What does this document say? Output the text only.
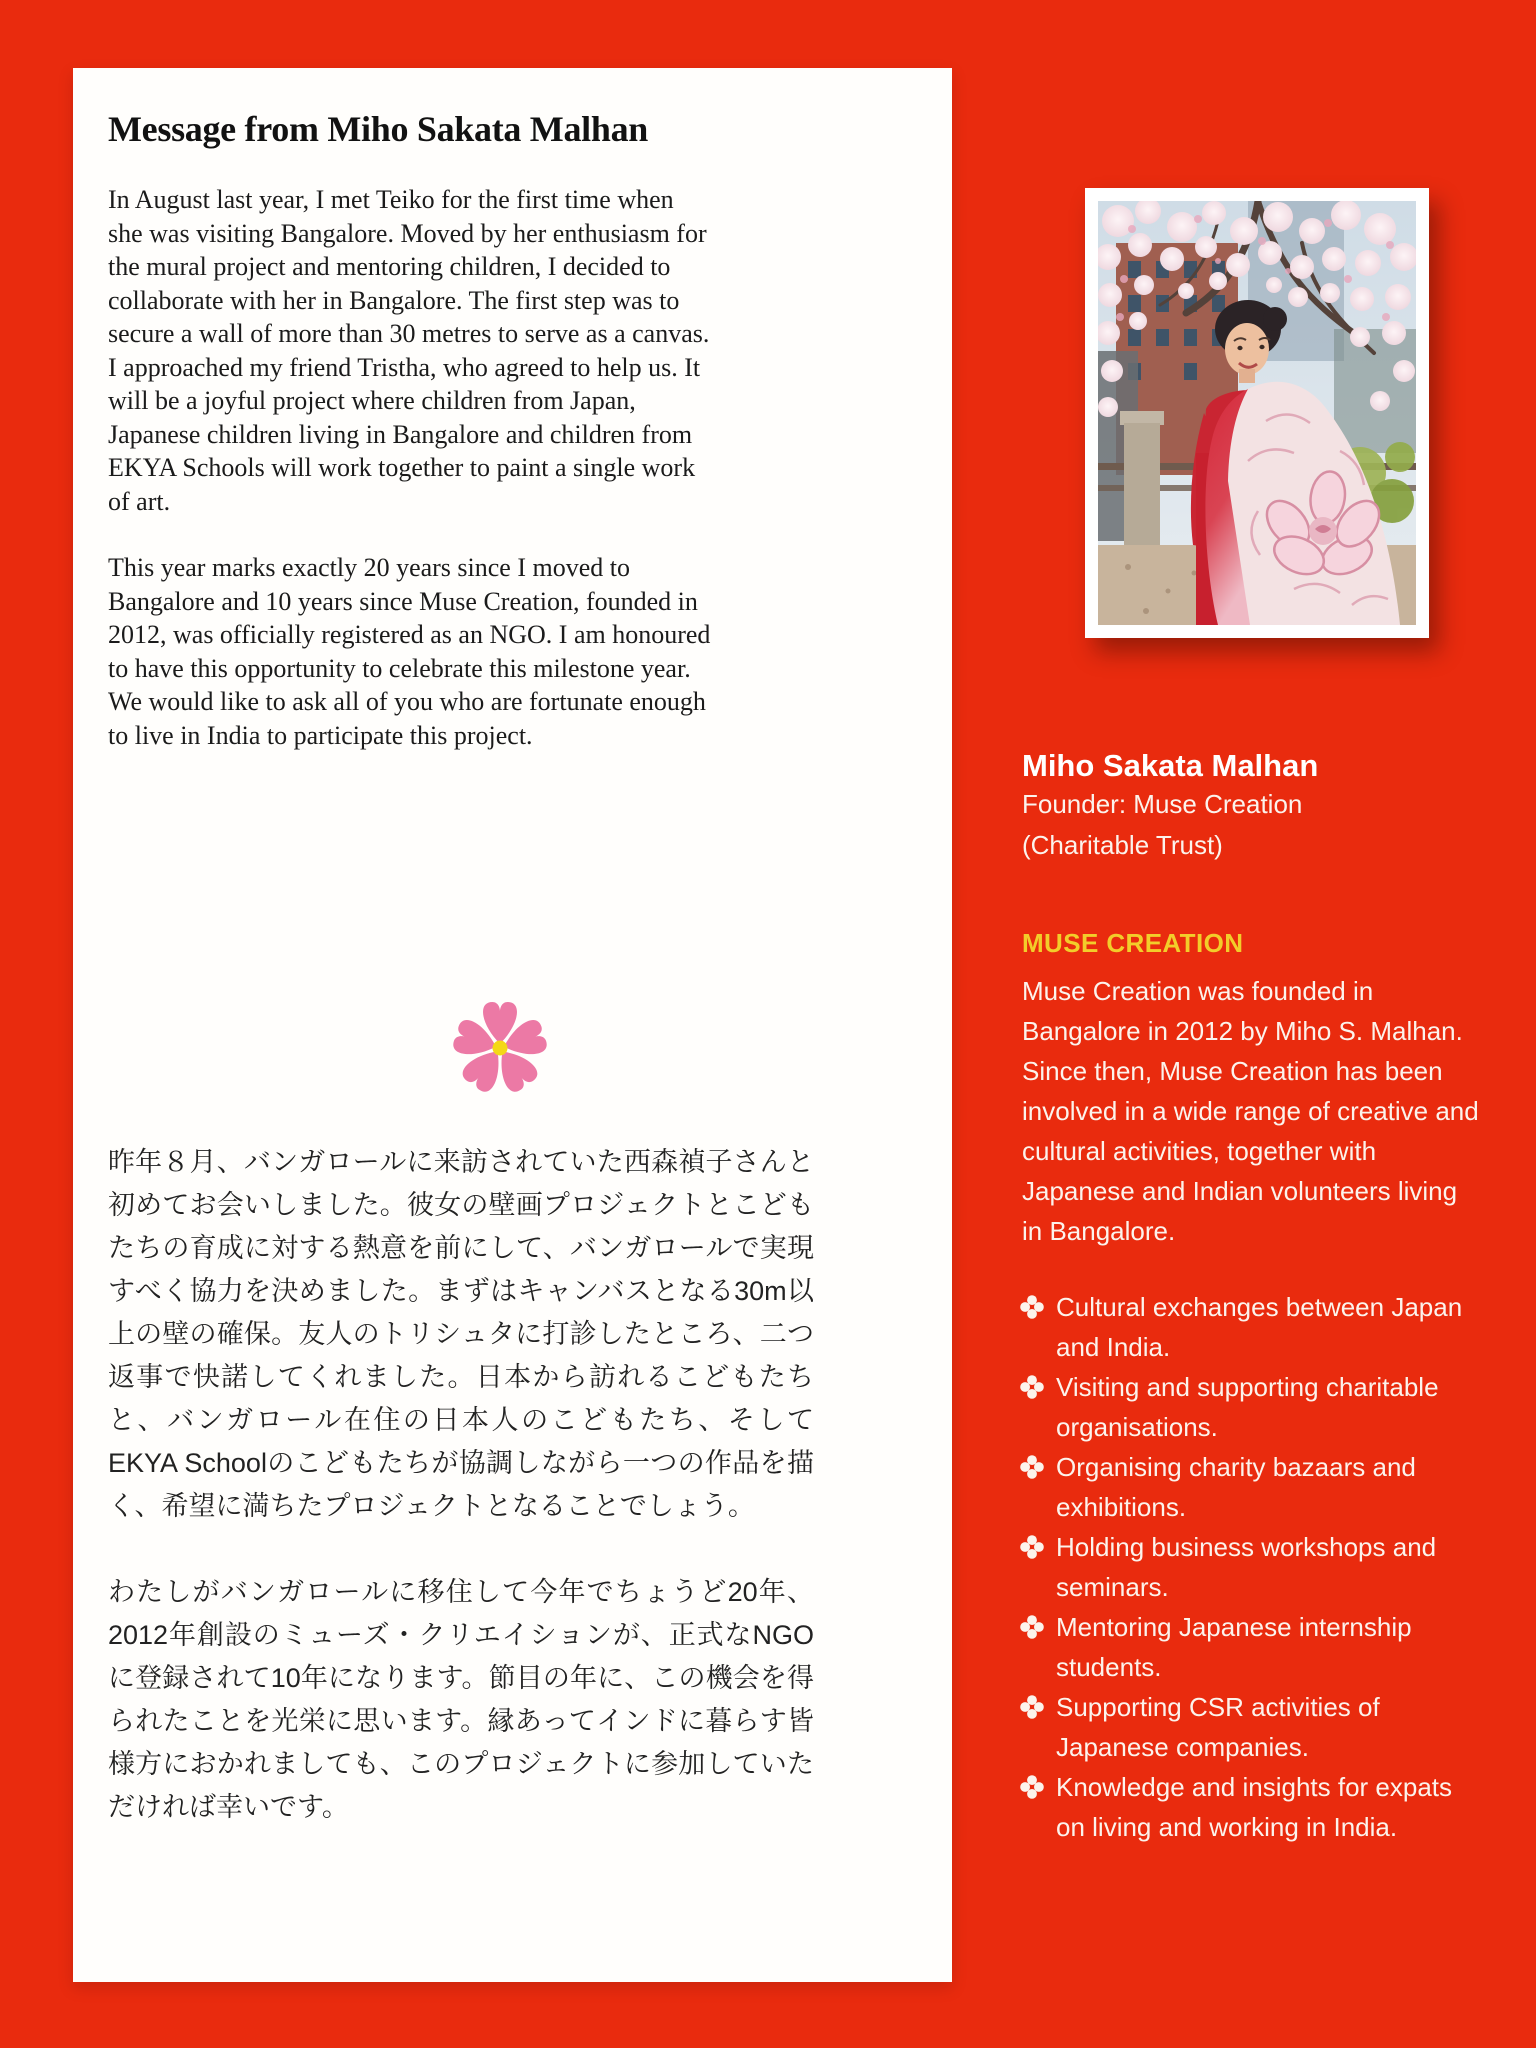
Message from Miho Sakata Malhan

In August last year, I met Teiko for the first time when she was visiting Bangalore. Moved by her enthusiasm for the mural project and mentoring children, I decided to collaborate with her in Bangalore. The first step was to secure a wall of more than 30 metres to serve as a canvas. I approached my friend Tristha, who agreed to help us. It will be a joyful project where children from Japan, Japanese children living in Bangalore and children from EKYA Schools will work together to paint a single work of art.

This year marks exactly 20 years since I moved to Bangalore and 10 years since Muse Creation, founded in 2012, was officially registered as an NGO. I am honoured to have this opportunity to celebrate this milestone year. We would like to ask all of you who are fortunate enough to live in India to participate this project.

昨年８月、バンガロールに来訪されていた西森禎子さんと初めてお会いしました。彼女の壁画プロジェクトとこどもたちの育成に対する熱意を前にして、バンガロールで実現すべく協力を決めました。まずはキャンバスとなる30m以上の壁の確保。友人のトリシュタに打診したところ、二つ返事で快諾してくれました。日本から訪れるこどもたちと、バンガロール在住の日本人のこどもたち、そしてEKYA Schoolのこどもたちが協調しながら一つの作品を描く、希望に満ちたプロジェクトとなることでしょう。

わたしがバンガロールに移住して今年でちょうど20年、2012年創設のミューズ・クリエイションが、正式なNGOに登録されて10年になります。節目の年に、この機会を得られたことを光栄に思います。縁あってインドに暮らす皆様方におかれましても、このプロジェクトに参加していただければ幸いです。

Miho Sakata Malhan

Founder: Muse Creation

(Charitable Trust)

MUSE CREATION

Muse Creation was founded in Bangalore in 2012 by Miho S. Malhan. Since then, Muse Creation has been involved in a wide range of creative and cultural activities, together with Japanese and Indian volunteers living in Bangalore.

Cultural exchanges between Japan and India.
Visiting and supporting charitable organisations.
Organising charity bazaars and exhibitions.
Holding business workshops and seminars.
Mentoring Japanese internship students.
Supporting CSR activities of Japanese companies.
Knowledge and insights for expats on living and working in India.
